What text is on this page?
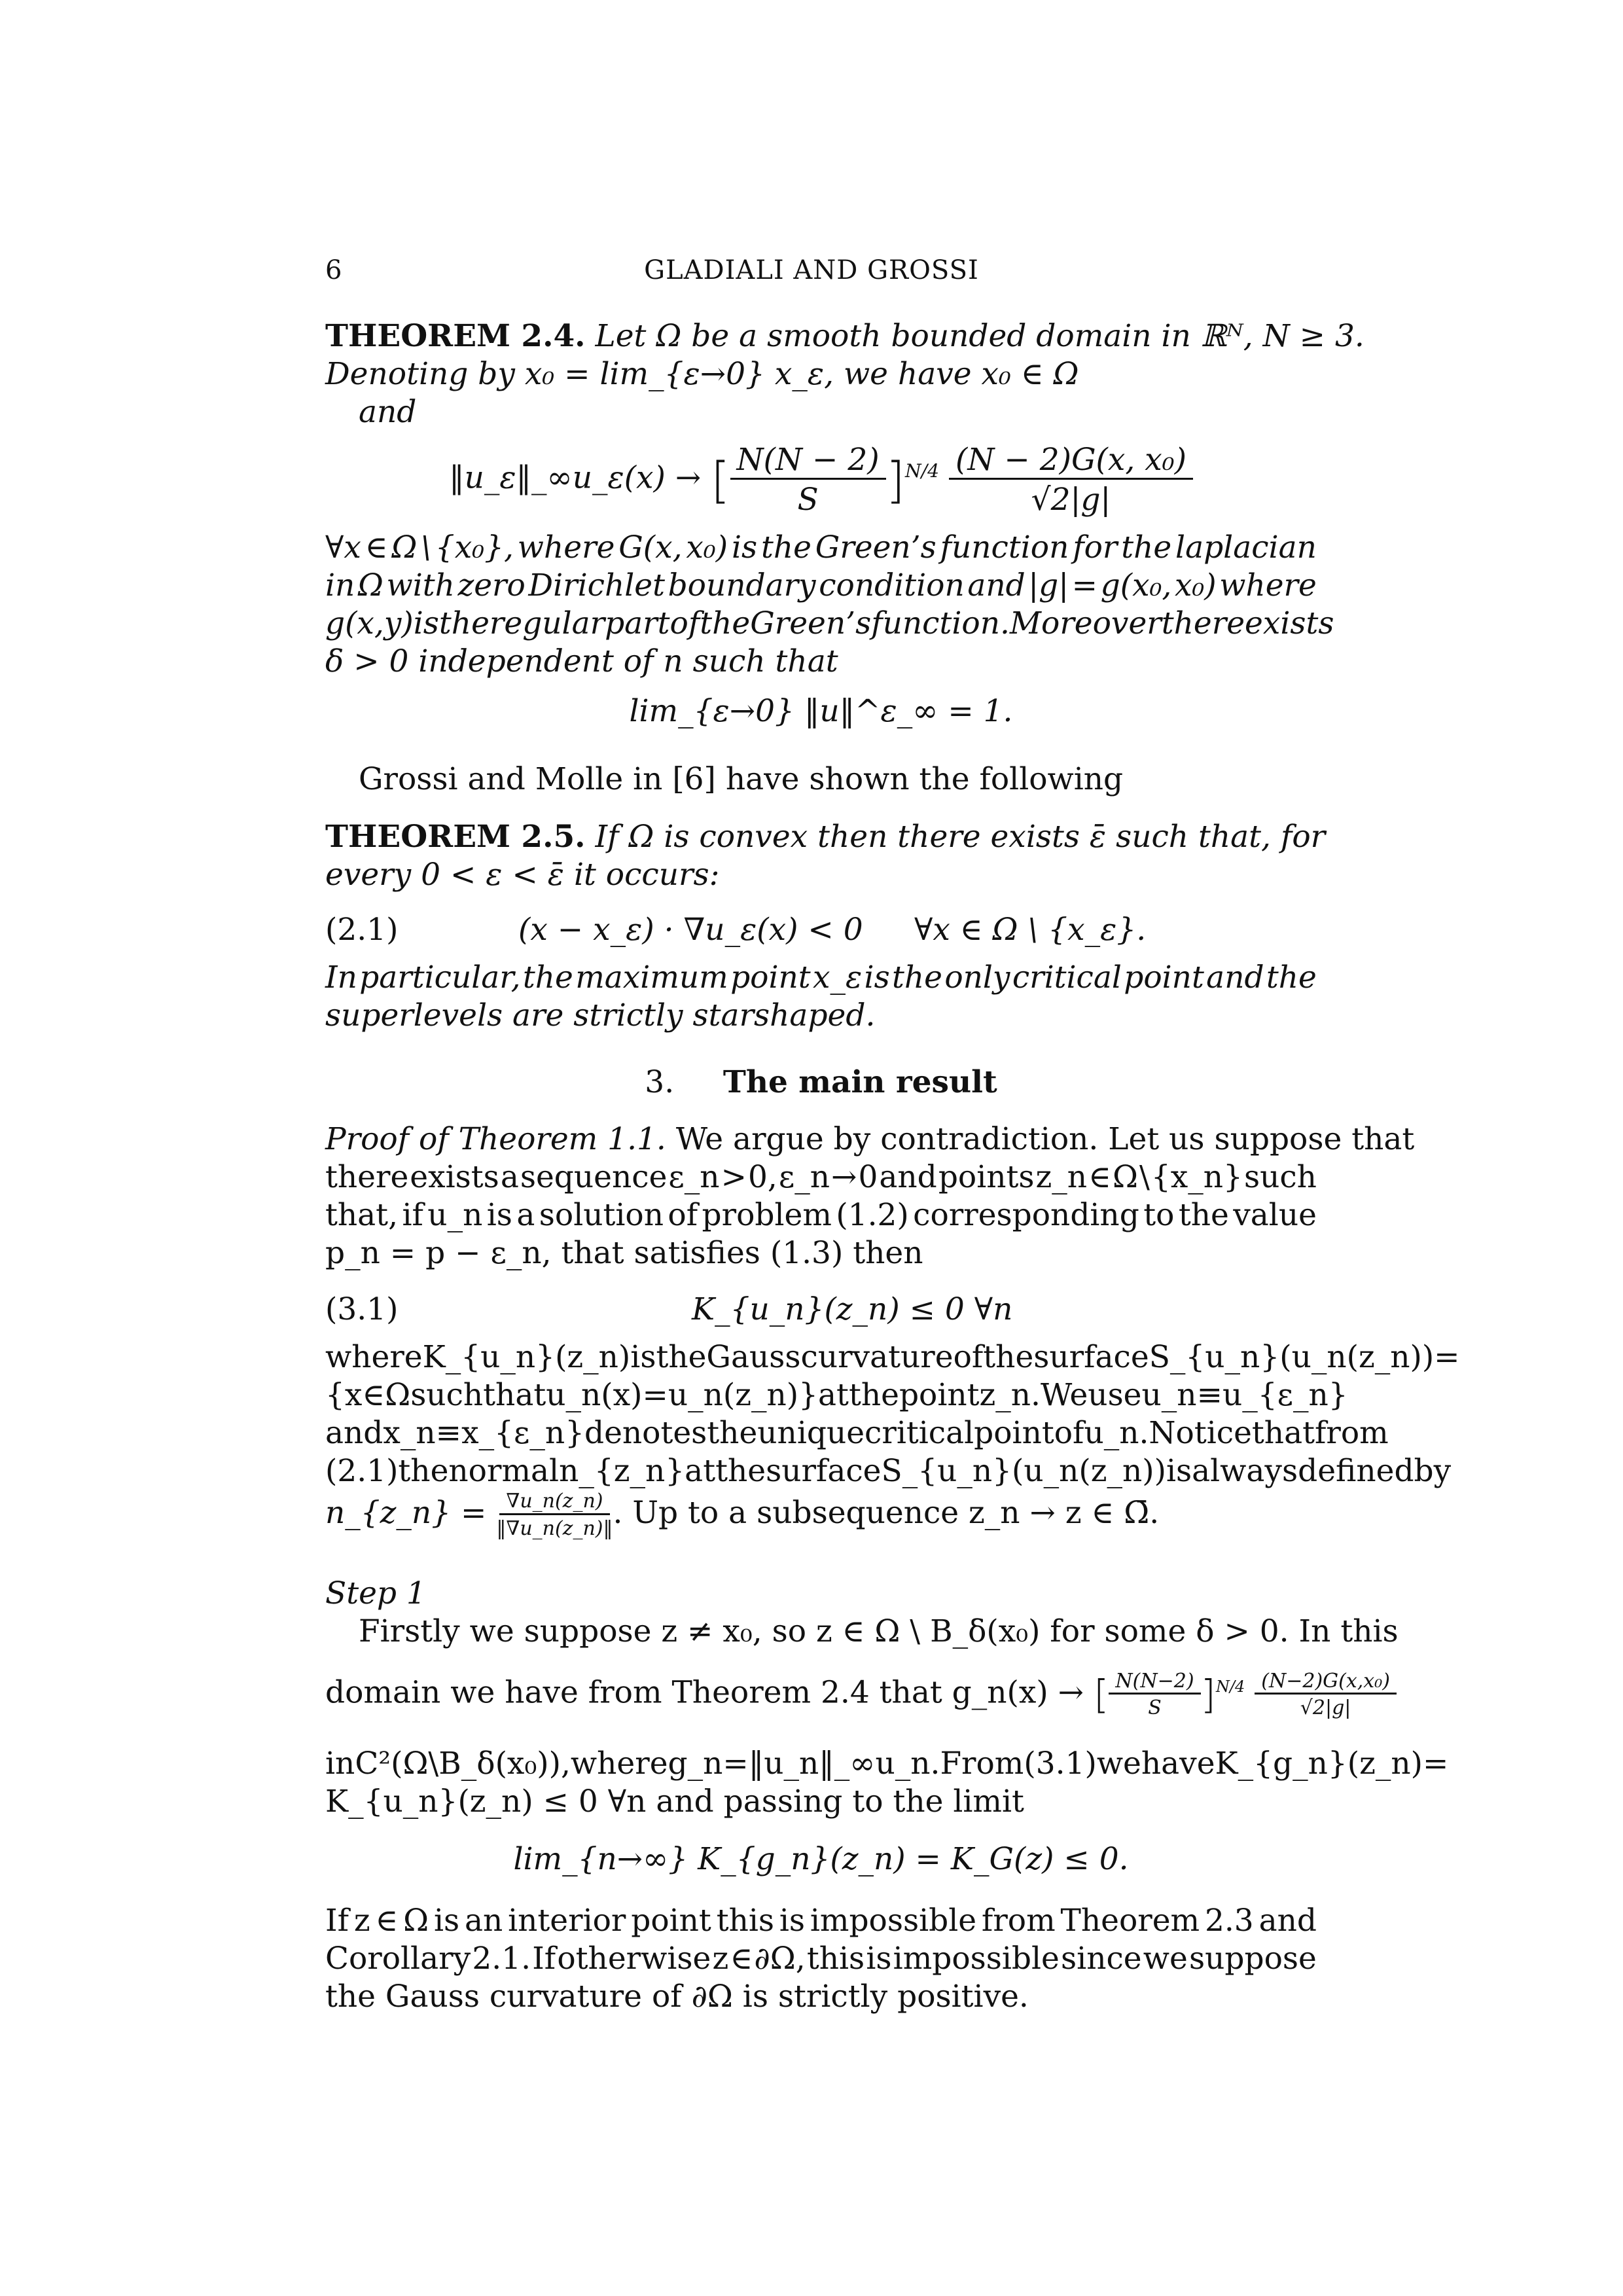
6	GLADIALI AND GROSSI
THEOREM 2.4. Let Ω be a smooth bounded domain in ℝᴺ, N ≥ 3.
Denoting by x₀ = lim_{ε→0} x_ε, we have x₀ ∈ Ω
and
‖u_ε‖_∞u_ε(x) → [ $\frac{N(N - 2)}{S} ]^{N/4} \frac{\text{(N − 2)G(x, x₀)}}{√2|g|}$
∀x ∈ Ω \ {x₀}, where G(x, x₀) is the Green’s function for the laplacian
in Ω with zero Dirichlet boundary condition and |g| = g(x₀, x₀) where
g(x, y) is the regular part of the Green’s function. Moreover there exists
δ > 0 independent of n such that
lim_{ε→0} ‖u‖^ε_∞ = 1.
Grossi and Molle in [6] have shown the following
THEOREM 2.5. If Ω is convex then there exists ε̄ such that, for
every 0 < ε < ε̄ it occurs:
(2.1)	(x − x_ε) · ∇u_ε(x) < 0 ∀x ∈ Ω \ {x_ε}.
In particular, the maximum point x_ε is the only critical point and the
superlevels are strictly starshaped.
3. The main result
Proof of Theorem 1.1. We argue by contradiction. Let us suppose that
there exists a sequence ε_n > 0, ε_n → 0 and points z_n ∈ Ω \ {x_n} such
that, if u_n is a solution of problem (1.2) corresponding to the value
p_n = p − ε_n, that satisfies (1.3) then
(3.1)	K_{u_n}(z_n) ≤ 0 ∀n
where K_{u_n}(z_n) is the Gauss curvature of the surface S_{u_n}(u_n(z_n)) =
{x ∈ Ω suchthat u_n(x) = u_n(z_n)} at the point z_n. We use u_n ≡ u_{ε_n}
and x_n ≡ x_{ε_n} denotes the unique critical point of u_n. Notice that from
(2.1) the normal n_{z_n} at the surface S_{u_n}(u_n(z_n)) is always defined by
n_{z_n} = $\frac{\nabla u\_n(z\_n)}{‖\nabla u\_n(z\_n)‖}$ . Up to a subsequence z_n → z ∈ Ω̄.
Step 1
Firstly we suppose z ≠ x₀, so z ∈ Ω \ B_δ(x₀) for some δ > 0. In this
domain we have from Theorem 2.4 that g_n(x) → [ $\frac{N(N-2)}{S} ]^{N/4} \frac{\text{(N−2)G(x,x₀)}}{√2|g|}$
in C²(Ω \ B_δ(x₀)), where g_n = ‖u_n‖_∞u_n. From (3.1) we have K_{g_n}(z_n) =
K_{u_n}(z_n) ≤ 0 ∀n and passing to the limit
lim_{n→∞} K_{g_n}(z_n) = K_G(z) ≤ 0.
If z ∈ Ω is an interior point this is impossible from Theorem 2.3 and
Corollary 2.1. If otherwise z ∈ ∂Ω, this is impossible since we suppose
the Gauss curvature of ∂Ω is strictly positive.
